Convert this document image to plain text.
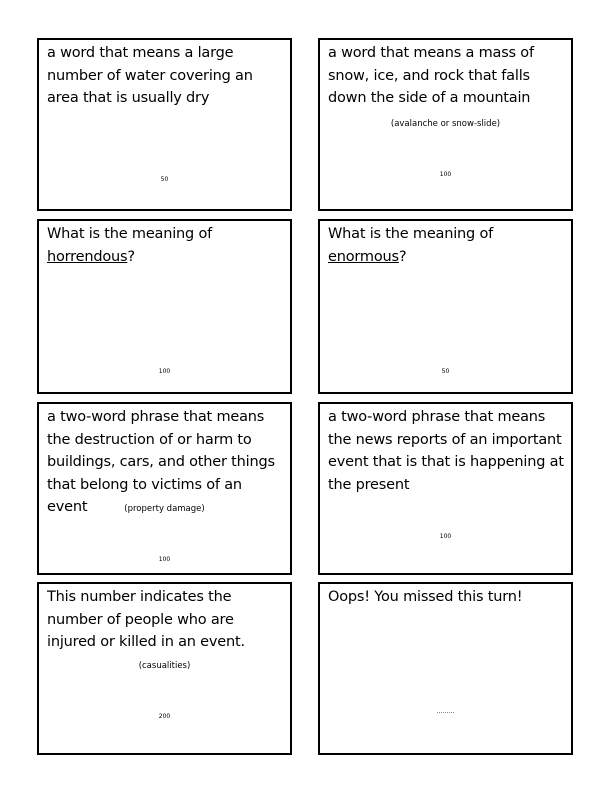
a word that means a large number of water covering an area that is usually dry
50
a word that means a mass of snow, ice, and rock that falls down the side of a mountain
(avalanche or snow-slide)
100
What is the meaning of
horrendous?
100
What is the meaning of
enormous?
50
a two-word phrase that means the destruction of or harm to buildings, cars, and other things that belong to victims of an event	(property damage)
100
a two-word phrase that means the news reports of an important event that is that is happening at the present
100
This number indicates the number of people who are injured or killed in an event.
(casualities)
200
Oops! You missed this turn!
………
